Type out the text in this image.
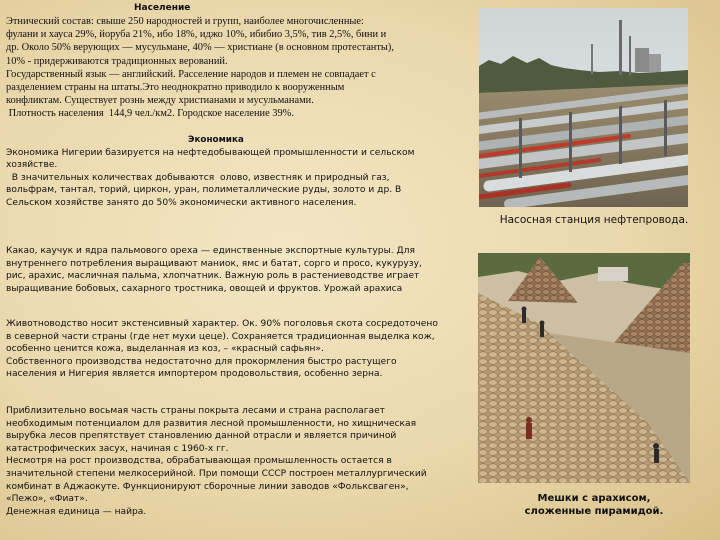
Население

Этнический состав: свыше 250 народностей и групп, наиболее многочисленные:

фулани и хауса 29%, йоруба 21%, ибо 18%, иджо 10%, ибибио 3,5%, тив 2,5%, бини и

др. Около 50% верующих — мусульмане, 40% — христиане (в основном протестанты),

10% - придерживаются традиционных верований.

Государственный язык — английский. Расселение народов и племен не совпадает с

разделением страны на штаты.Это неоднократно приводило к вооруженным

конфликтам. Существует рознь между христианами и мусульманами.

Плотность населения  144,9 чел./км2. Городское население 39%.

Экономика

Экономика Нигерии базируется на нефтедобывающей промышленности и сельском

хозяйстве.

В значительных количествах добываются  олово, известняк и природный газ,

вольфрам, тантал, торий, циркон, уран, полиметаллические руды, золото и др. В

Сельском хозяйстве занято до 50% экономически активного населения.

Какао, каучук и ядра пальмового ореха — единственные экспортные культуры. Для

внутреннего потребления выращивают маниок, ямс и батат, сорго и просо, кукурузу,

рис, арахис, масличная пальма, хлопчатник. Важную роль в растениеводстве играет

выращивание бобовых, сахарного тростника, овощей и фруктов. Урожай арахиса

Животноводство носит экстенсивный характер. Ок. 90% поголовья скота сосредоточено

в северной части страны (где нет мухи цеце). Сохраняется традиционная выделка кож,

особенно ценится кожа, выделанная из коз, – «красный сафьян».

Собственного производства недостаточно для прокормления быстро растущего

населения и Нигерия является импортером продовольствия, особенно зерна.

Приблизительно восьмая часть страны покрыта лесами и страна располагает

необходимым потенциалом для развития лесной промышленности, но хищническая

вырубка лесов препятствует становлению данной отрасли и является причиной

катастрофических засух, начиная с 1960-х гг.

Несмотря на рост производства, обрабатывающая промышленность остается в

значительной степени мелкосерийной. При помощи СССР построен металлургический

комбинат в Аджаокуте. Функционируют сборочные линии заводов «Фольксваген»,

«Пежо», «Фиат».

Денежная единица — найра.

Насосная станция нефтепровода.
Мешки с арахисом,
сложенные пирамидой.
